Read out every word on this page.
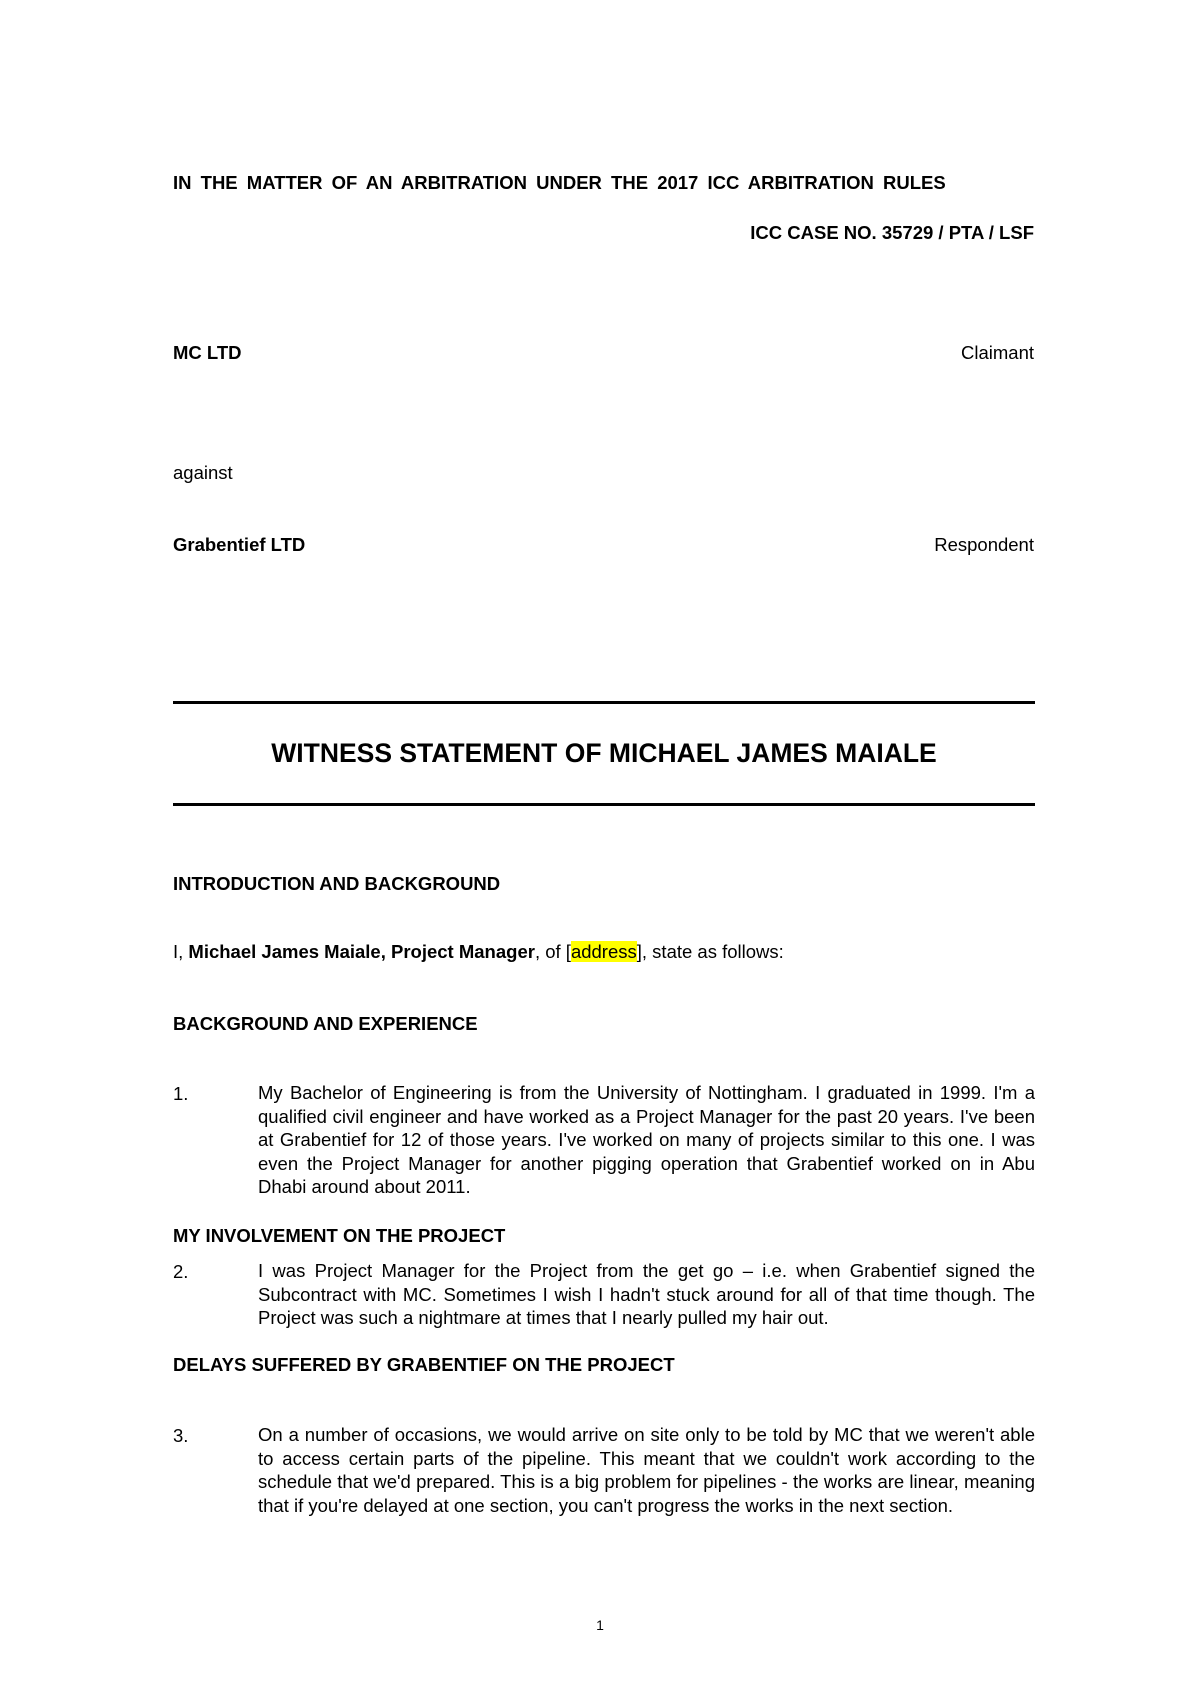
IN THE MATTER OF AN ARBITRATION UNDER THE 2017 ICC ARBITRATION RULES
ICC CASE NO. 35729 / PTA / LSF
MC LTD	Claimant
against
Grabentief LTD	Respondent
WITNESS STATEMENT OF MICHAEL JAMES MAIALE
INTRODUCTION AND BACKGROUND
I, Michael James Maiale, Project Manager, of [address], state as follows:
BACKGROUND AND EXPERIENCE
1.	My Bachelor of Engineering is from the University of Nottingham. I graduated in 1999. I'm a qualified civil engineer and have worked as a Project Manager for the past 20 years. I've been at Grabentief for 12 of those years. I've worked on many of projects similar to this one. I was even the Project Manager for another pigging operation that Grabentief worked on in Abu Dhabi around about 2011.
MY INVOLVEMENT ON THE PROJECT
2.	I was Project Manager for the Project from the get go – i.e. when Grabentief signed the Subcontract with MC. Sometimes I wish I hadn't stuck around for all of that time though. The Project was such a nightmare at times that I nearly pulled my hair out.
DELAYS SUFFERED BY GRABENTIEF ON THE PROJECT
3.	On a number of occasions, we would arrive on site only to be told by MC that we weren't able to access certain parts of the pipeline. This meant that we couldn't work according to the schedule that we'd prepared. This is a big problem for pipelines - the works are linear, meaning that if you're delayed at one section, you can't progress the works in the next section.
1
